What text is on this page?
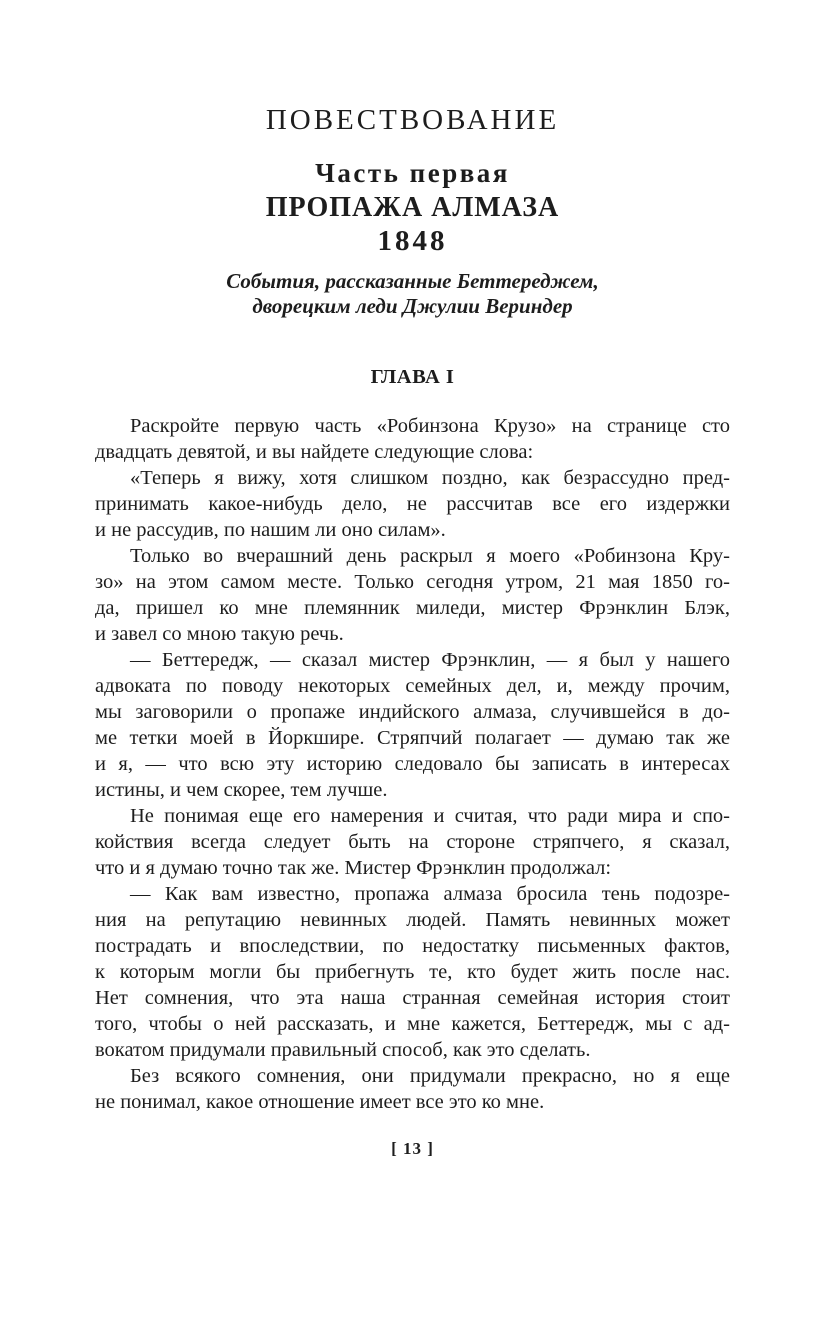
ПОВЕСТВОВАНИЕ
Часть первая
ПРОПАЖА АЛМАЗА
1848
События, рассказанные Беттереджем,
дворецким леди Джулии Вериндер
ГЛАВА I
Раскройте первую часть «Робинзона Крузо» на странице сто
двадцать девятой, и вы найдете следующие слова:
«Теперь я вижу, хотя слишком поздно, как безрассудно пред-
принимать какое-нибудь дело, не рассчитав все его издержки
и не рассудив, по нашим ли оно силам».
Только во вчерашний день раскрыл я моего «Робинзона Кру-
зо» на этом самом месте. Только сегодня утром, 21 мая 1850 го-
да, пришел ко мне племянник миледи, мистер Фрэнклин Блэк,
и завел со мною такую речь.
— Беттередж, — сказал мистер Фрэнклин, — я был у нашего
адвоката по поводу некоторых семейных дел, и, между прочим,
мы заговорили о пропаже индийского алмаза, случившейся в до-
ме тетки моей в Йоркшире. Стряпчий полагает — думаю так же
и я, — что всю эту историю следовало бы записать в интересах
истины, и чем скорее, тем лучше.
Не понимая еще его намерения и считая, что ради мира и спо-
койствия всегда следует быть на стороне стряпчего, я сказал,
что и я думаю точно так же. Мистер Фрэнклин продолжал:
— Как вам известно, пропажа алмаза бросила тень подозре-
ния на репутацию невинных людей. Память невинных может
пострадать и впоследствии, по недостатку письменных фактов,
к которым могли бы прибегнуть те, кто будет жить после нас.
Нет сомнения, что эта наша странная семейная история стоит
того, чтобы о ней рассказать, и мне кажется, Беттередж, мы с ад-
вокатом придумали правильный способ, как это сделать.
Без всякого сомнения, они придумали прекрасно, но я еще
не понимал, какое отношение имеет все это ко мне.
[ 13 ]
